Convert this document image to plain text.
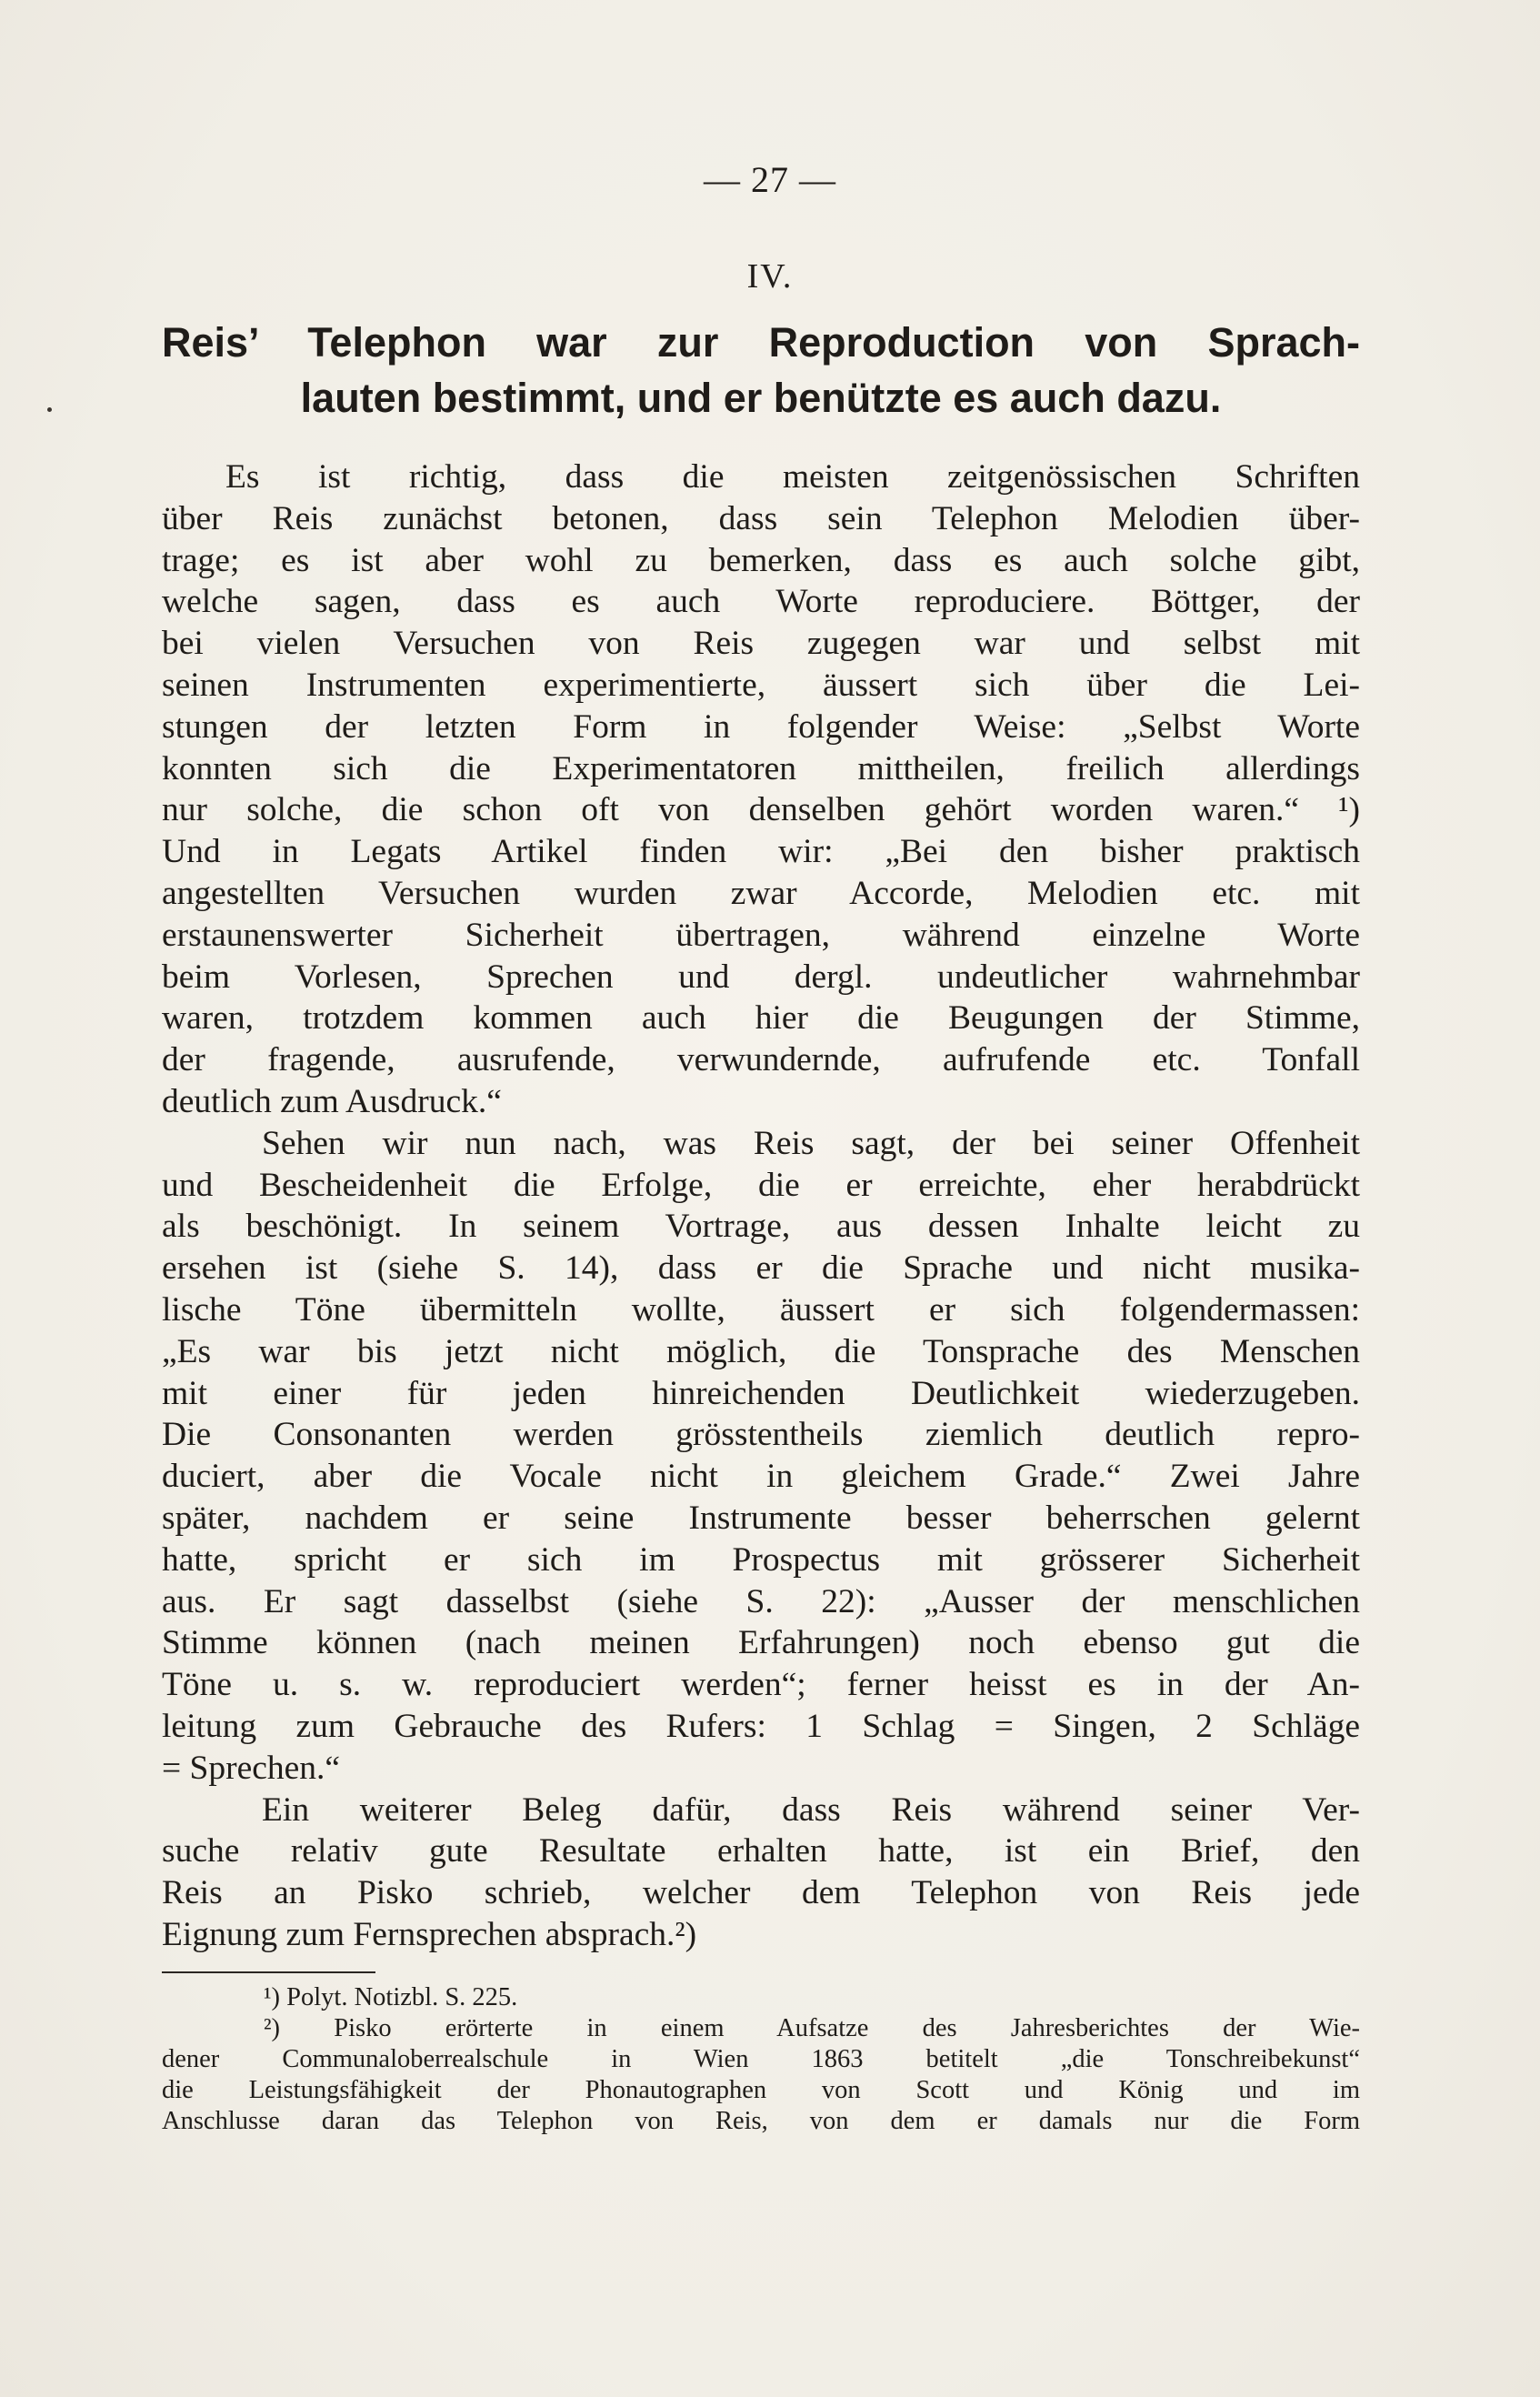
— 27 —
IV.
Reis’ Telephon war zur Reproduction von Sprach-
lauten bestimmt, und er benützte es auch dazu.
Es ist richtig, dass die meisten zeitgenössischen Schriften
über Reis zunächst betonen, dass sein Telephon Melodien über-
trage; es ist aber wohl zu bemerken, dass es auch solche gibt,
welche sagen, dass es auch Worte reproduciere. Böttger, der
bei vielen Versuchen von Reis zugegen war und selbst mit
seinen Instrumenten experimentierte, äussert sich über die Lei-
stungen der letzten Form in folgender Weise: „Selbst Worte
konnten sich die Experimentatoren mittheilen, freilich allerdings
nur solche, die schon oft von denselben gehört worden waren.“ ¹)
Und in Legats Artikel finden wir: „Bei den bisher praktisch
angestellten Versuchen wurden zwar Accorde, Melodien etc. mit
erstaunenswerter Sicherheit übertragen, während einzelne Worte
beim Vorlesen, Sprechen und dergl. undeutlicher wahrnehmbar
waren, trotzdem kommen auch hier die Beugungen der Stimme,
der fragende, ausrufende, verwundernde, aufrufende etc. Tonfall
deutlich zum Ausdruck.“
Sehen wir nun nach, was Reis sagt, der bei seiner Offenheit
und Bescheidenheit die Erfolge, die er erreichte, eher herabdrückt
als beschönigt. In seinem Vortrage, aus dessen Inhalte leicht zu
ersehen ist (siehe S. 14), dass er die Sprache und nicht musika-
lische Töne übermitteln wollte, äussert er sich folgendermassen:
„Es war bis jetzt nicht möglich, die Tonsprache des Menschen
mit einer für jeden hinreichenden Deutlichkeit wiederzugeben.
Die Consonanten werden grösstentheils ziemlich deutlich repro-
duciert, aber die Vocale nicht in gleichem Grade.“ Zwei Jahre
später, nachdem er seine Instrumente besser beherrschen gelernt
hatte, spricht er sich im Prospectus mit grösserer Sicherheit
aus. Er sagt dasselbst (siehe S. 22): „Ausser der menschlichen
Stimme können (nach meinen Erfahrungen) noch ebenso gut die
Töne u. s. w. reproduciert werden“; ferner heisst es in der An-
leitung zum Gebrauche des Rufers: 1 Schlag = Singen, 2 Schläge
= Sprechen.“
Ein weiterer Beleg dafür, dass Reis während seiner Ver-
suche relativ gute Resultate erhalten hatte, ist ein Brief, den
Reis an Pisko schrieb, welcher dem Telephon von Reis jede
Eignung zum Fernsprechen absprach.²)
¹) Polyt. Notizbl. S. 225.
²) Pisko erörterte in einem Aufsatze des Jahresberichtes der Wie-
dener Communaloberrealschule in Wien 1863 betitelt „die Tonschreibekunst“
die Leistungsfähigkeit der Phonautographen von Scott und König und im
Anschlusse daran das Telephon von Reis, von dem er damals nur die Form
